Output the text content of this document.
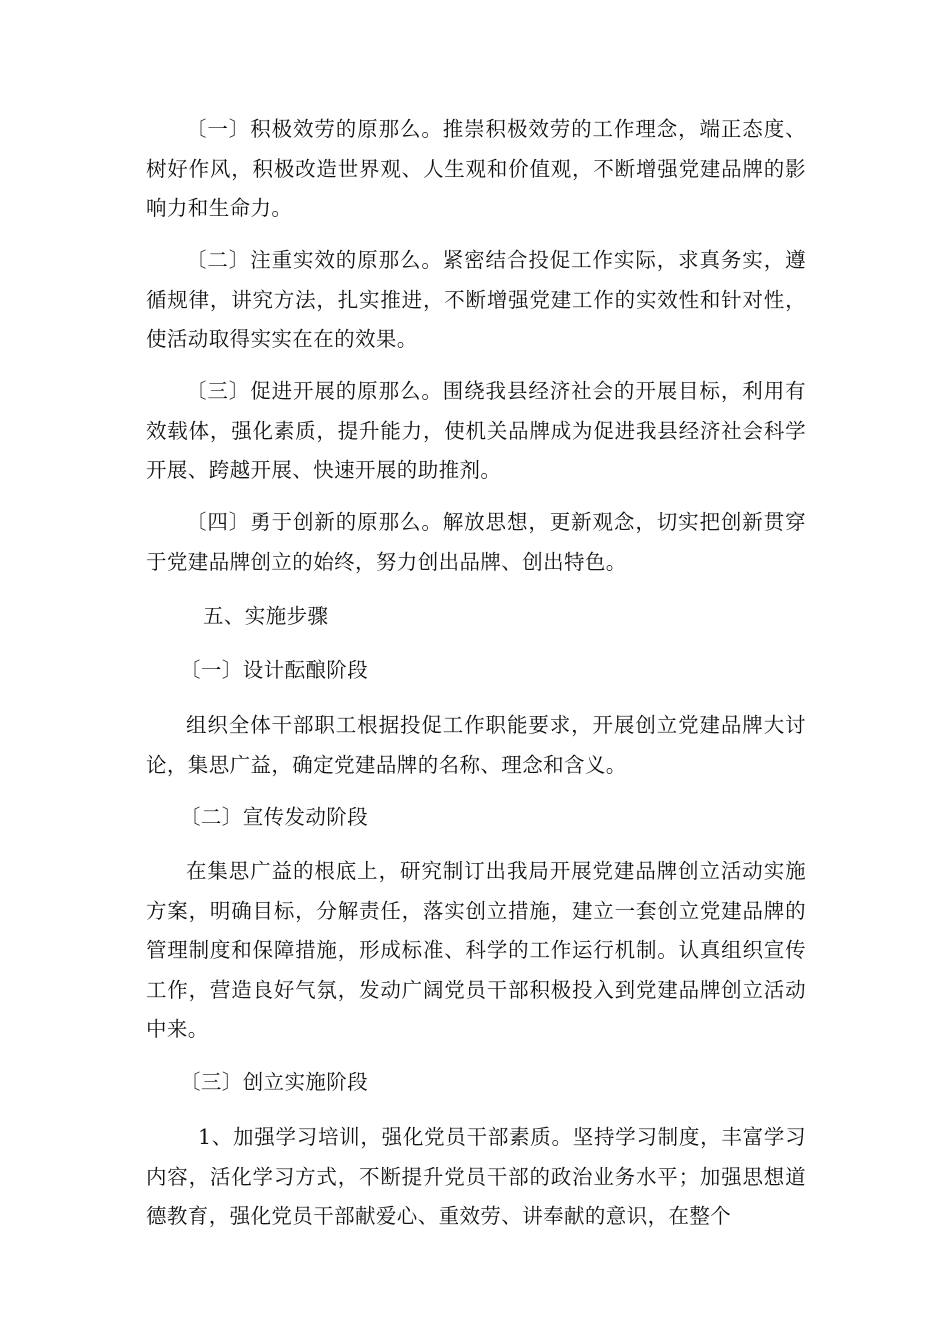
〔一〕积极效劳的原那么。推崇积极效劳的工作理念，端正态度、树好作风，积极改造世界观、人生观和价值观，不断增强党建品牌的影响力和生命力。

〔二〕注重实效的原那么。紧密结合投促工作实际，求真务实，遵循规律，讲究方法，扎实推进，不断增强党建工作的实效性和针对性，使活动取得实实在在的效果。

〔三〕促进开展的原那么。围绕我县经济社会的开展目标，利用有效载体，强化素质，提升能力，使机关品牌成为促进我县经济社会科学开展、跨越开展、快速开展的助推剂。

〔四〕勇于创新的原那么。解放思想，更新观念，切实把创新贯穿于党建品牌创立的始终，努力创出品牌、创出特色。

五、实施步骤

〔一〕设计酝酿阶段

组织全体干部职工根据投促工作职能要求，开展创立党建品牌大讨论，集思广益，确定党建品牌的名称、理念和含义。

〔二〕宣传发动阶段

在集思广益的根底上，研究制订出我局开展党建品牌创立活动实施方案，明确目标，分解责任，落实创立措施，建立一套创立党建品牌的管理制度和保障措施，形成标准、科学的工作运行机制。认真组织宣传工作，营造良好气氛，发动广阔党员干部积极投入到党建品牌创立活动中来。

〔三〕创立实施阶段

1、加强学习培训，强化党员干部素质。坚持学习制度，丰富学习内容，活化学习方式，不断提升党员干部的政治业务水平；加强思想道德教育，强化党员干部献爱心、重效劳、讲奉献的意识，在整个
